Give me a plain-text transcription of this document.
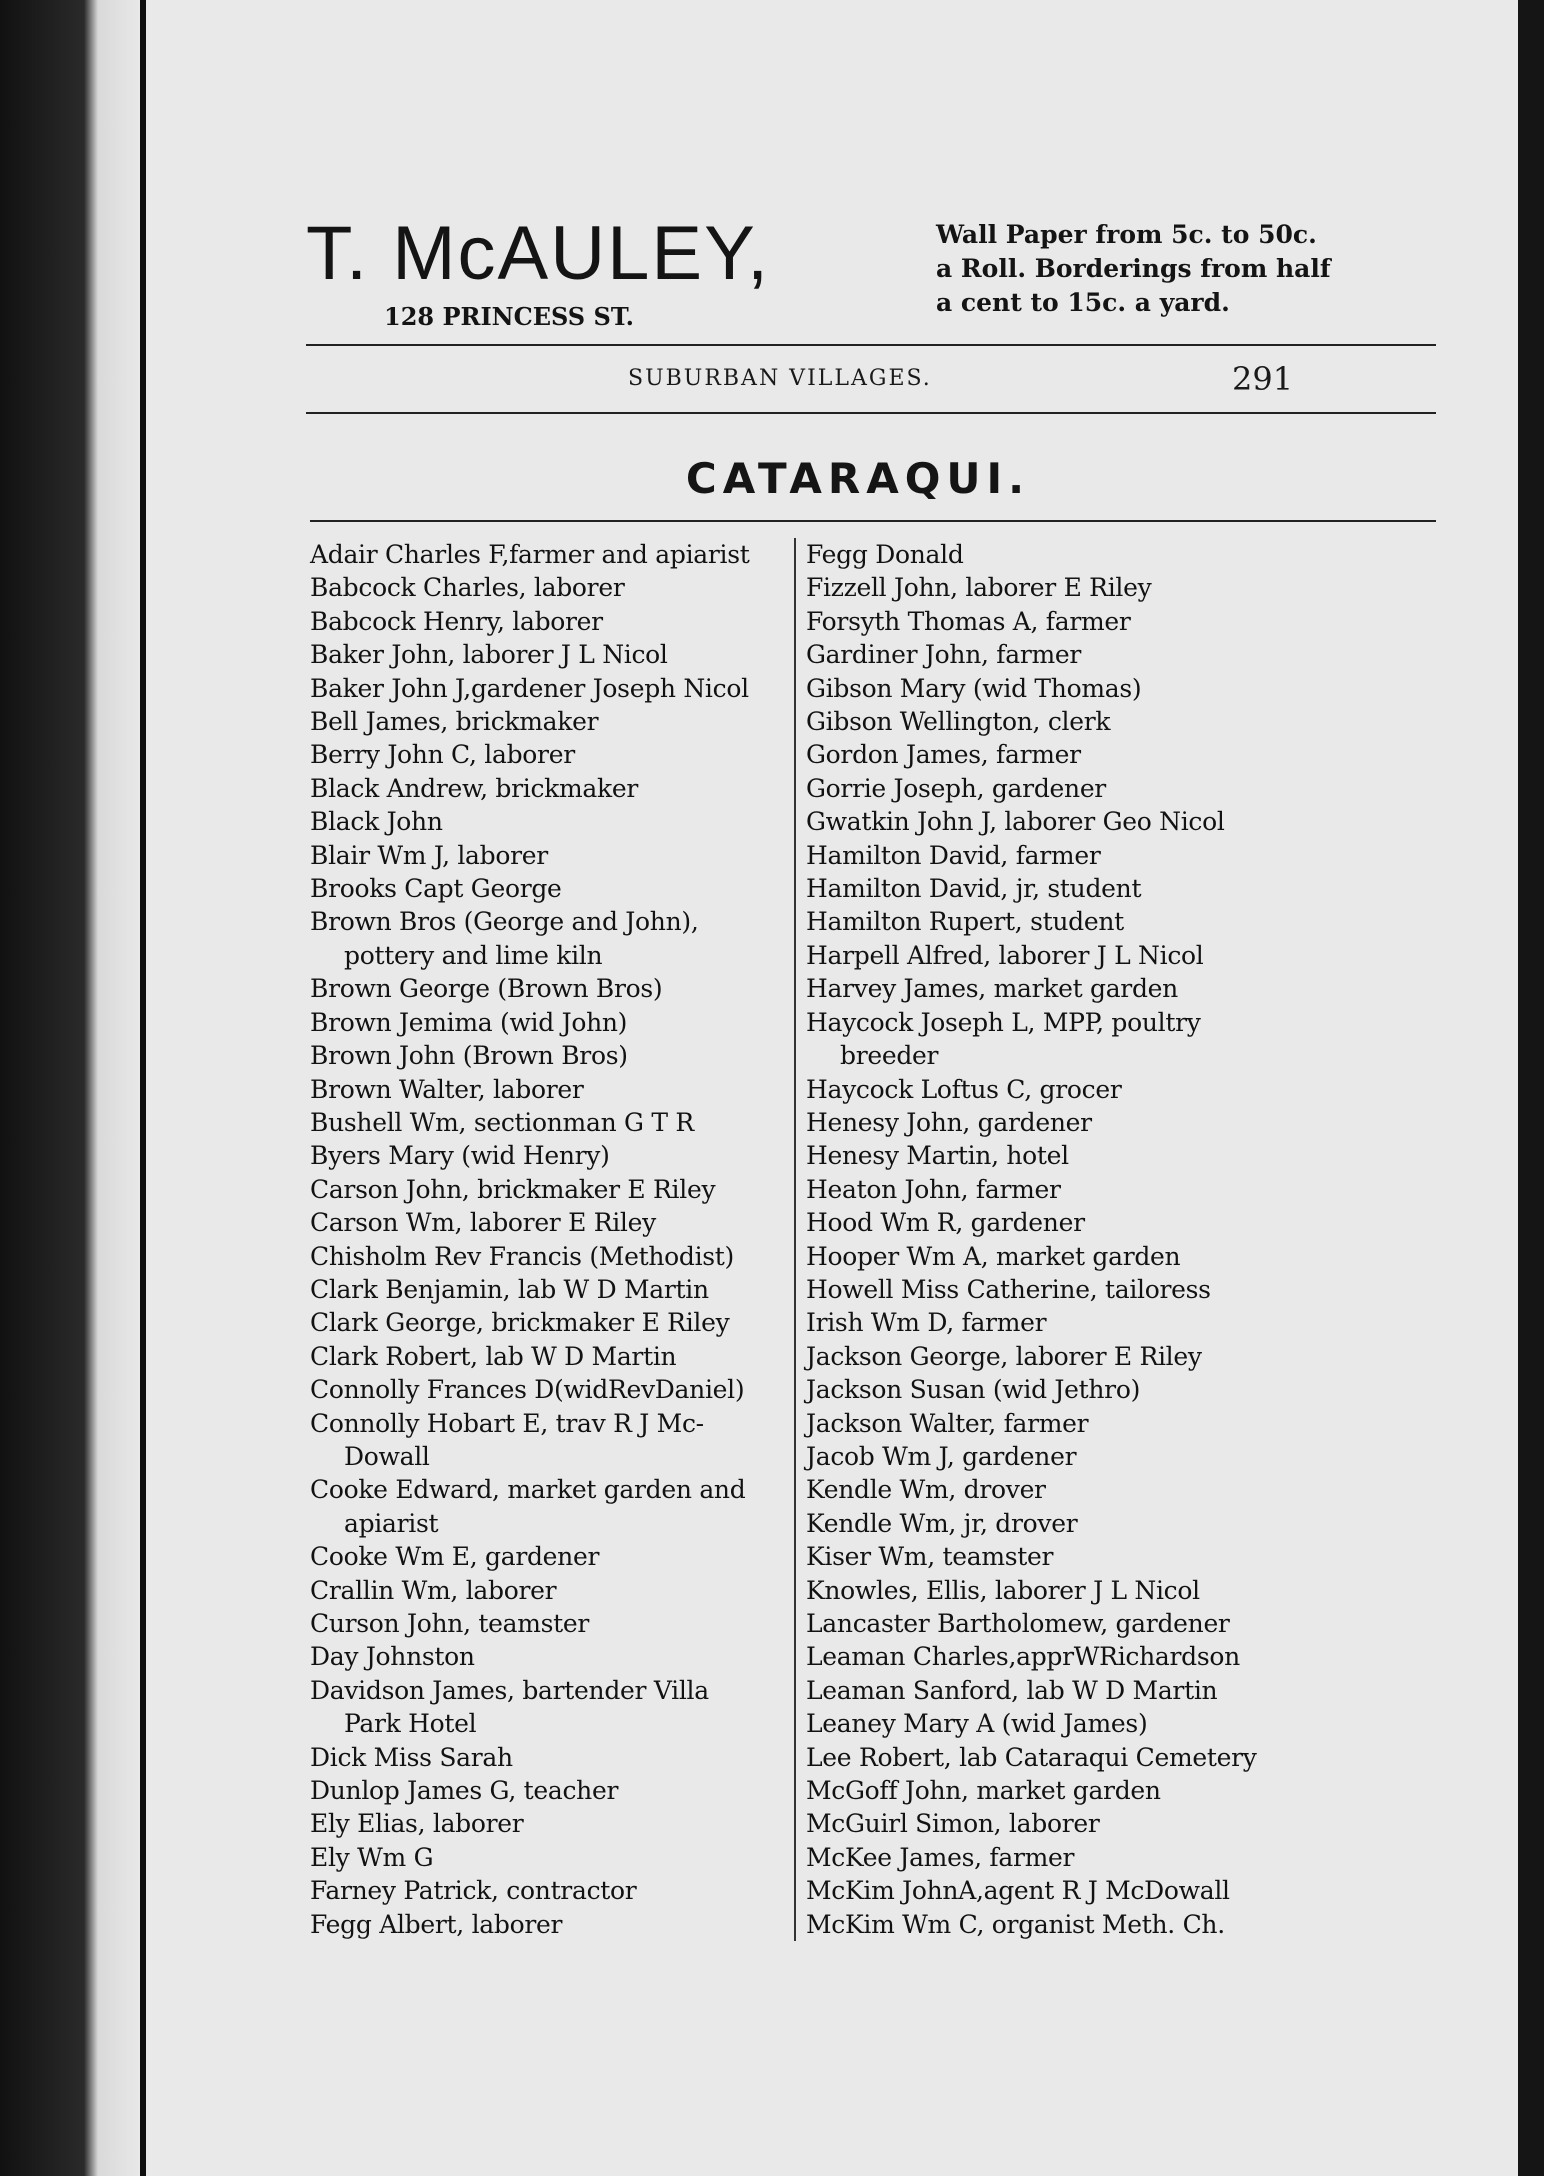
T. McAULEY,
128 PRINCESS ST.
Wall Paper from 5c. to 50c.
a Roll. Borderings from half
a cent to 15c. a yard.
SUBURBAN VILLAGES.	291
CATARAQUI.
Adair Charles F,farmer and apiarist
Babcock Charles, laborer
Babcock Henry, laborer
Baker John, laborer J L Nicol
Baker John J,gardener Joseph Nicol
Bell James, brickmaker
Berry John C, laborer
Black Andrew, brickmaker
Black John
Blair Wm J, laborer
Brooks Capt George
Brown Bros (George and John),
pottery and lime kiln
Brown George (Brown Bros)
Brown Jemima (wid John)
Brown John (Brown Bros)
Brown Walter, laborer
Bushell Wm, sectionman G T R
Byers Mary (wid Henry)
Carson John, brickmaker E Riley
Carson Wm, laborer E Riley
Chisholm Rev Francis (Methodist)
Clark Benjamin, lab W D Martin
Clark George, brickmaker E Riley
Clark Robert, lab W D Martin
Connolly Frances D(widRevDaniel)
Connolly Hobart E, trav R J Mc-
Dowall
Cooke Edward, market garden and
apiarist
Cooke Wm E, gardener
Crallin Wm, laborer
Curson John, teamster
Day Johnston
Davidson James, bartender Villa
Park Hotel
Dick Miss Sarah
Dunlop James G, teacher
Ely Elias, laborer
Ely Wm G
Farney Patrick, contractor
Fegg Albert, laborer
Fegg Donald
Fizzell John, laborer E Riley
Forsyth Thomas A, farmer
Gardiner John, farmer
Gibson Mary (wid Thomas)
Gibson Wellington, clerk
Gordon James, farmer
Gorrie Joseph, gardener
Gwatkin John J, laborer Geo Nicol
Hamilton David, farmer
Hamilton David, jr, student
Hamilton Rupert, student
Harpell Alfred, laborer J L Nicol
Harvey James, market garden
Haycock Joseph L, MPP, poultry
breeder
Haycock Loftus C, grocer
Henesy John, gardener
Henesy Martin, hotel
Heaton John, farmer
Hood Wm R, gardener
Hooper Wm A, market garden
Howell Miss Catherine, tailoress
Irish Wm D, farmer
Jackson George, laborer E Riley
Jackson Susan (wid Jethro)
Jackson Walter, farmer
Jacob Wm J, gardener
Kendle Wm, drover
Kendle Wm, jr, drover
Kiser Wm, teamster
Knowles, Ellis, laborer J L Nicol
Lancaster Bartholomew, gardener
Leaman Charles,apprWRichardson
Leaman Sanford, lab W D Martin
Leaney Mary A (wid James)
Lee Robert, lab Cataraqui Cemetery
McGoff John, market garden
McGuirl Simon, laborer
McKee James, farmer
McKim JohnA,agent R J McDowall
McKim Wm C, organist Meth. Ch.
